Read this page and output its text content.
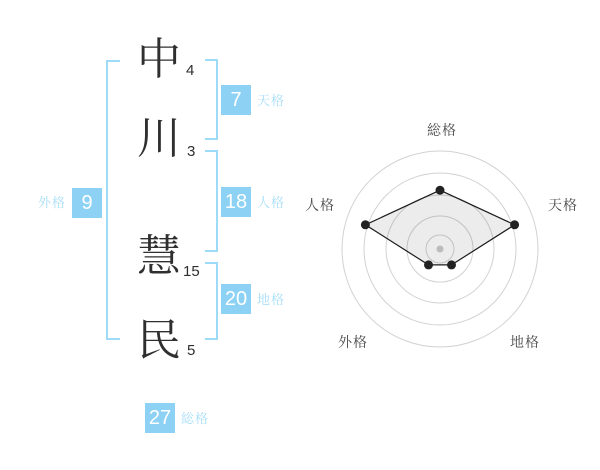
中
川
慧
民
4
3
15
5
7	天格
18 人格
20 地格
外格 9
27 総格
総格
天格
地格
外格
人格
